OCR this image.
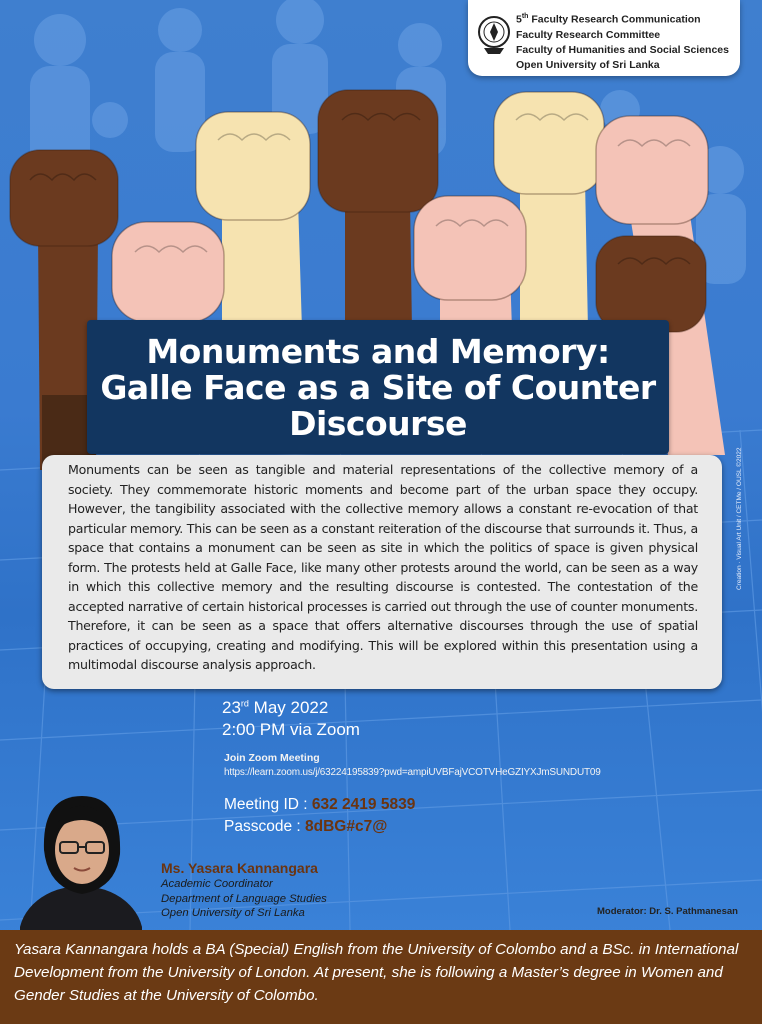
5th Faculty Research Communication
Faculty Research Committee
Faculty of Humanities and Social Sciences
Open University of Sri Lanka
Monuments and Memory:
Galle Face as a Site of Counter
Discourse

Monuments can be seen as tangible and material representations of the collective memory of a society. They commemorate historic moments and become part of the urban space they occupy. However, the tangibility associated with the collective memory allows a constant re-evocation of that particular memory. This can be seen as a constant reiteration of the discourse that surrounds it. Thus, a space that contains a monument can be seen as site in which the politics of space is given physical form. The protests held at Galle Face, like many other protests around the world, can be seen as a way in which this collective memory and the resulting discourse is contested. The contestation of the accepted narrative of certain historical processes is carried out through the use of counter monuments. Therefore, it can be seen as a space that offers alternative discourses through the use of spatial practices of occupying, creating and modifying. This will be explored within this presentation using a multimodal discourse analysis approach.

Creation · Visual Art Unit / CETMe / OUSL ©2022
23rd May 2022
2:00 PM via Zoom
Join Zoom Meeting
https://learn.zoom.us/j/63224195839?pwd=ampiUVBFajVCOTVHeGZIYXJmSUNDUT09
Meeting ID : 632 2419 5839
Passcode : 8dBG#c7@
Ms. Yasara Kannangara
Academic Coordinator
Department of Language Studies
Open University of Sri Lanka	Moderator: Dr. S. Pathmanesan

Yasara Kannangara holds a BA (Special) English from the University of Colombo and a BSc. in International Development from the University of London. At present, she is following a Master’s degree in Women and Gender Studies at the University of Colombo.
